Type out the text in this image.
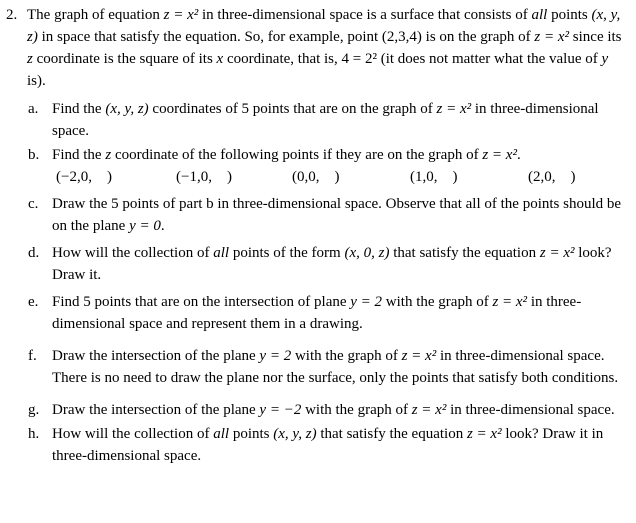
2. The graph of equation z = x² in three-dimensional space is a surface that consists of all points (x, y, z) in space that satisfy the equation. So, for example, point (2,3,4) is on the graph of z = x² since its z coordinate is the square of its x coordinate, that is, 4 = 2² (it does not matter what the value of y is).
a. Find the (x, y, z) coordinates of 5 points that are on the graph of z = x² in three-dimensional space.
b. Find the z coordinate of the following points if they are on the graph of z = x².
(−2,0,    )	(−1,0,    )	(0,0,    )	(1,0,    )	(2,0,    )
c. Draw the 5 points of part b in three-dimensional space. Observe that all of the points should be on the plane y = 0.
d. How will the collection of all points of the form (x, 0, z) that satisfy the equation z = x² look? Draw it.
e. Find 5 points that are on the intersection of plane y = 2 with the graph of z = x² in three-dimensional space and represent them in a drawing.
f. Draw the intersection of the plane y = 2 with the graph of z = x² in three-dimensional space. There is no need to draw the plane nor the surface, only the points that satisfy both conditions.
g. Draw the intersection of the plane y = −2 with the graph of z = x² in three-dimensional space.
h. How will the collection of all points (x, y, z) that satisfy the equation z = x² look? Draw it in three-dimensional space.
